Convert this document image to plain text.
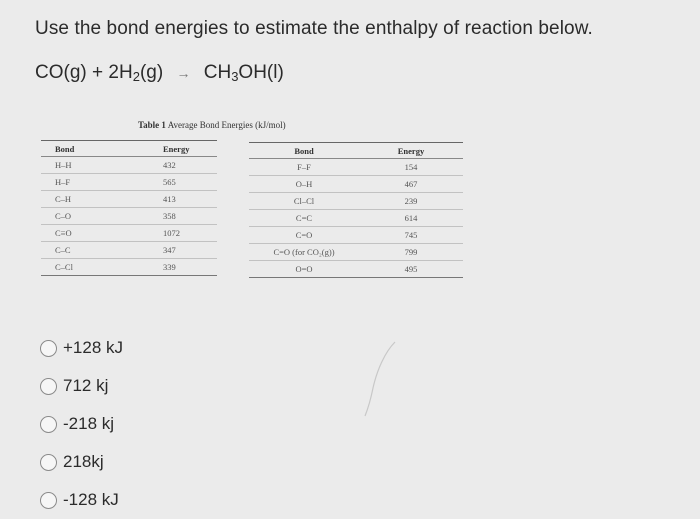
Use the bond energies to estimate the enthalpy of reaction below.
$CO(g) + 2H_2(g) \to CH_3OH(l)$
Table 1 Average Bond Energies (kJ/mol)
Bond	Energy
H–H	432
H–F	565
C–H	413
C–O	358
C≡O	1072
C–C	347
C–Cl	339
Bond	Energy
F–F	154
O–H	467
Cl–Cl	239
C=C	614
C=O	745
C=O (for CO₂(g))	799
O=O	495
+128 kJ
712 kj
-218 kj
218kj
-128 kJ
